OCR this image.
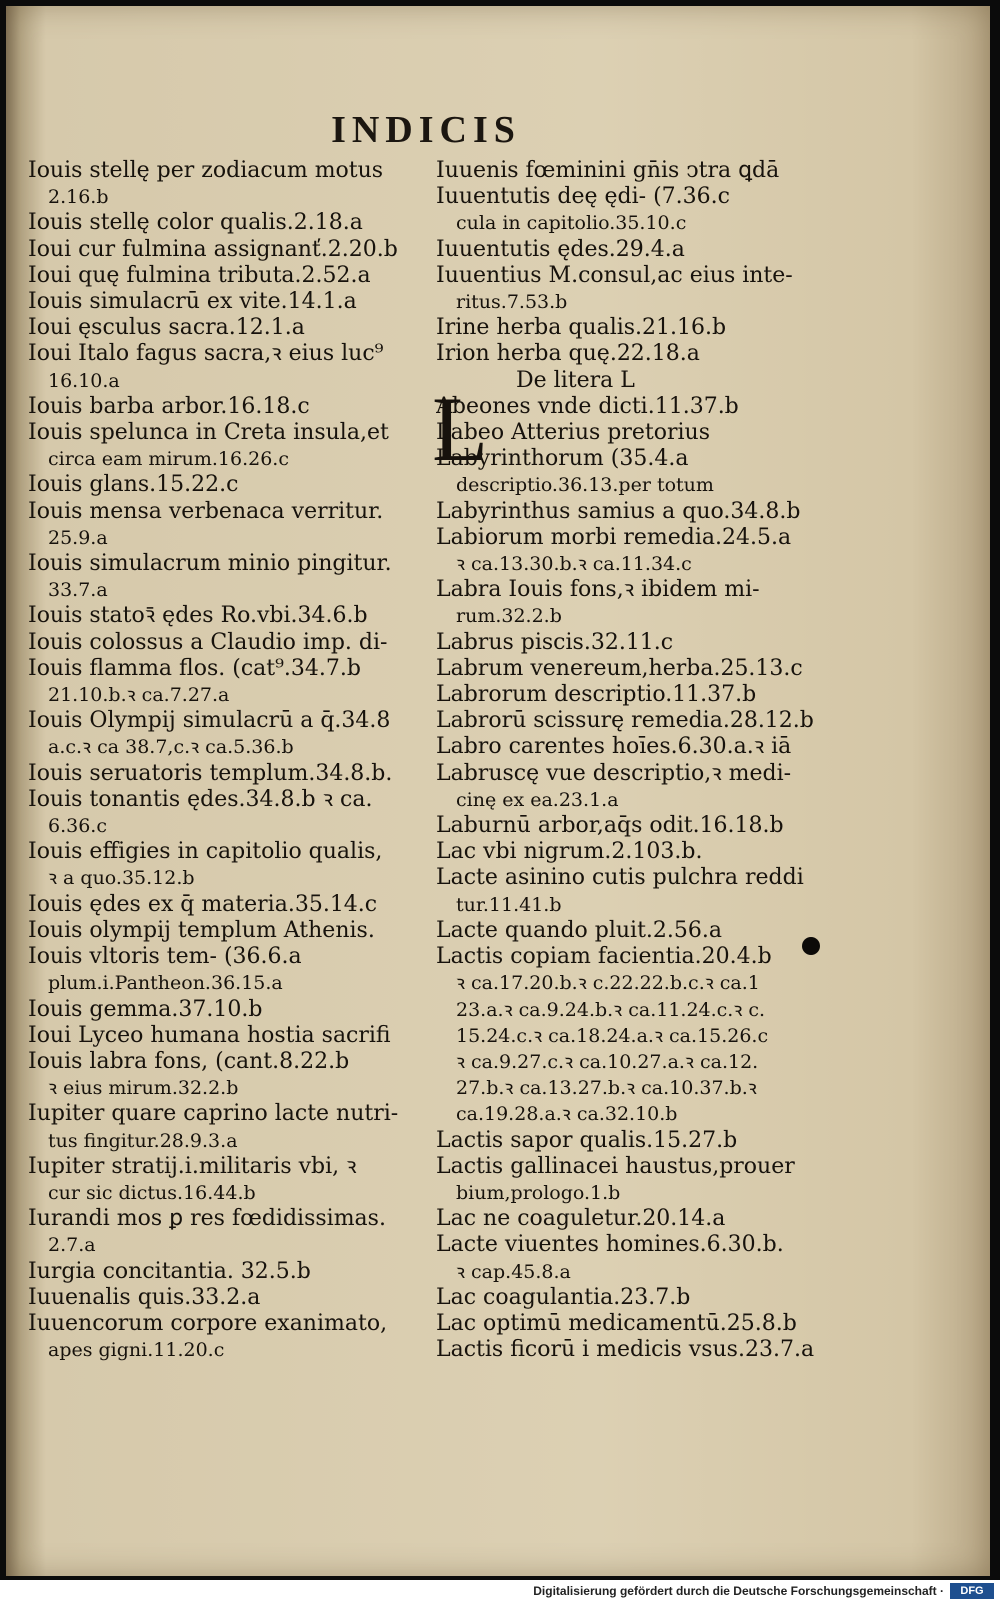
INDICIS
Iouis stellę per zodiacum motus
2.16.b
Iouis stellę color qualis.2.18.a
Ioui cur fulmina assignanť.2.20.b
Ioui quę fulmina tributa.2.52.a
Iouis simulacrū ex vite.14.1.a
Ioui ęsculus sacra.12.1.a
Ioui Italo fagus sacra,ꝛ eius luc⁹
16.10.a
Iouis barba arbor.16.18.c
Iouis spelunca in Creta insula,et
circa eam mirum.16.26.c
Iouis glans.15.22.c
Iouis mensa verbenaca verritur.
25.9.a
Iouis simulacrum minio pingitur.
33.7.a
Iouis statoꝛ̄ ędes Ro.vbi.34.6.b
Iouis colossus a Claudio imp. di-
Iouis flamma flos. (cat⁹.34.7.b
21.10.b.ꝛ ca.7.27.a
Iouis Olympij simulacrū a q̄.34.8
a.c.ꝛ ca 38.7,c.ꝛ ca.5.36.b
Iouis seruatoris templum.34.8.b.
Iouis tonantis ędes.34.8.b ꝛ ca.
6.36.c
Iouis effigies in capitolio qualis,
ꝛ a quo.35.12.b
Iouis ędes ex q̄ materia.35.14.c
Iouis olympij templum Athenis.
Iouis vltoris tem- (36.6.a
plum.i.Pantheon.36.15.a
Iouis gemma.37.10.b
Ioui Lyceo humana hostia sacrifi
Iouis labra fons, (cant.8.22.b
ꝛ eius mirum.32.2.b
Iupiter quare caprino lacte nutri-
tus fingitur.28.9.3.a
Iupiter stratij.i.militaris vbi, ꝛ
cur sic dictus.16.44.b
Iurandi mos ꝑ res fœdidissimas.
2.7.a
Iurgia concitantia. 32.5.b
Iuuenalis quis.33.2.a
Iuuencorum corpore exanimato,
apes gigni.11.20.c
Iuuenis fœminini gn̄is ↄtra ꝗdā
Iuuentutis deę ędi- (7.36.c
cula in capitolio.35.10.c
Iuuentutis ędes.29.4.a
Iuuentius M.consul,ac eius inte-
ritus.7.53.b
Irine herba qualis.21.16.b
Irion herba quę.22.18.a
De litera L
Abeones vnde dicti.11.37.b
Labeo Atterius pretorius
Labyrinthorum (35.4.a
descriptio.36.13.per totum
Labyrinthus samius a quo.34.8.b
Labiorum morbi remedia.24.5.a
ꝛ ca.13.30.b.ꝛ ca.11.34.c
Labra Iouis fons,ꝛ ibidem mi-
rum.32.2.b
Labrus piscis.32.11.c
Labrum venereum,herba.25.13.c
Labrorum descriptio.11.37.b
Labrorū scissurę remedia.28.12.b
Labro carentes hoīes.6.30.a.ꝛ iā
Labruscę vue descriptio,ꝛ medi-
cinę ex ea.23.1.a
Laburnū arbor,aq̄s odit.16.18.b
Lac vbi nigrum.2.103.b.
Lacte asinino cutis pulchra reddi
tur.11.41.b
Lacte quando pluit.2.56.a
Lactis copiam facientia.20.4.b
ꝛ ca.17.20.b.ꝛ c.22.22.b.c.ꝛ ca.1
23.a.ꝛ ca.9.24.b.ꝛ ca.11.24.c.ꝛ c.
15.24.c.ꝛ ca.18.24.a.ꝛ ca.15.26.c
ꝛ ca.9.27.c.ꝛ ca.10.27.a.ꝛ ca.12.
27.b.ꝛ ca.13.27.b.ꝛ ca.10.37.b.ꝛ
ca.19.28.a.ꝛ ca.32.10.b
Lactis sapor qualis.15.27.b
Lactis gallinacei haustus,prouer
bium,prologo.1.b
Lac ne coaguletur.20.14.a
Lacte viuentes homines.6.30.b.
ꝛ cap.45.8.a
Lac coagulantia.23.7.b
Lac optimū medicamentū.25.8.b
Lactis ficorū i medicis vsus.23.7.a
L
Digitalisierung gefördert durch die Deutsche Forschungsgemeinschaft ·	DFG
